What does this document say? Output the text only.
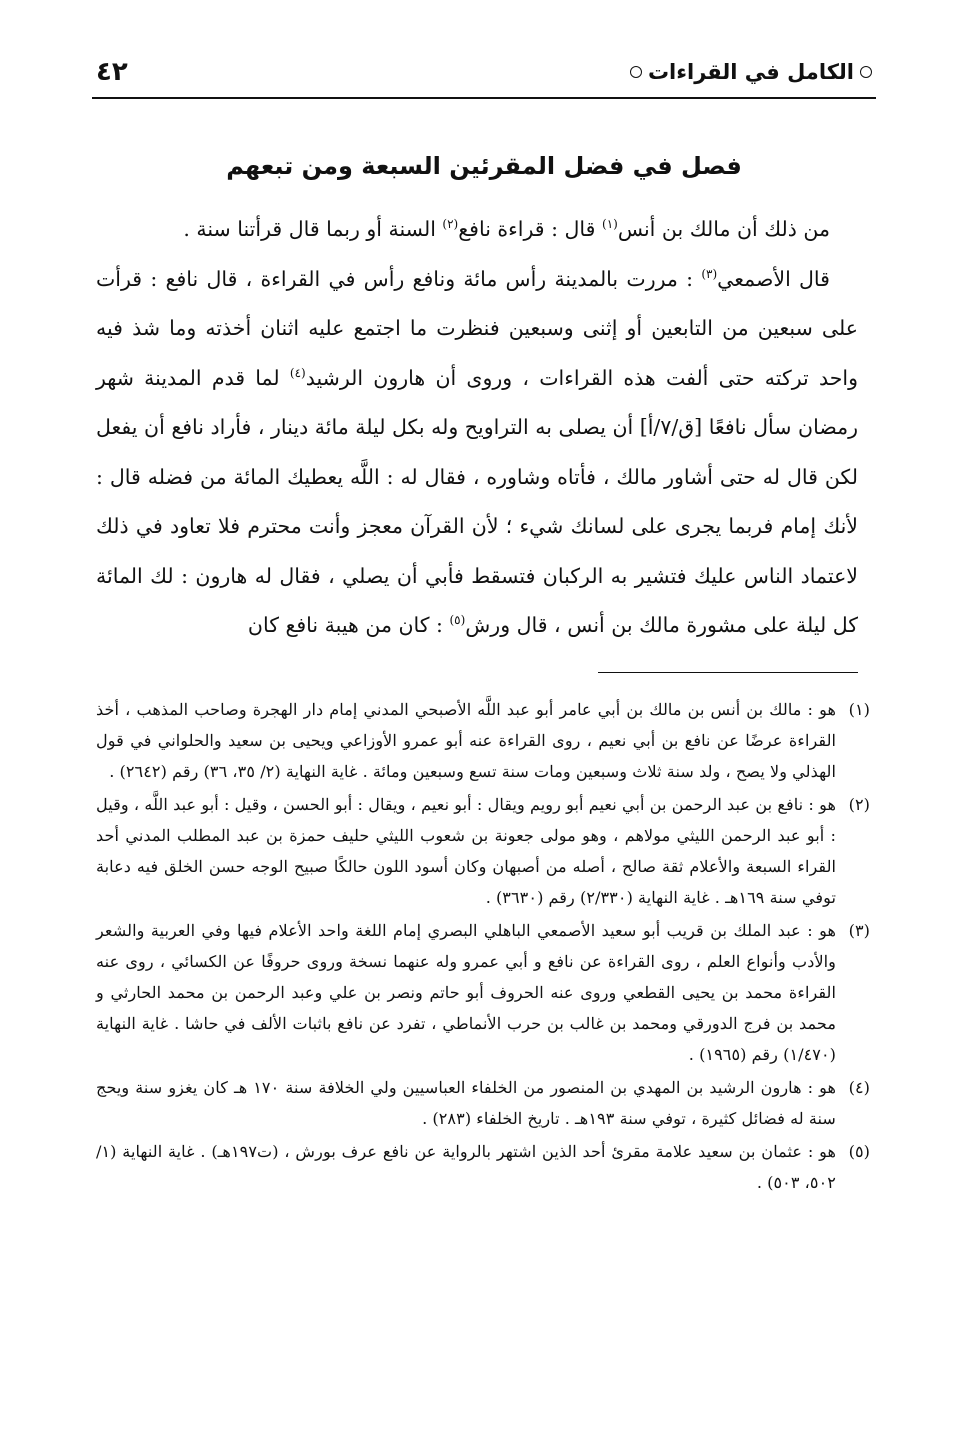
الكامل في القراءات
٤٢
فصل في فضل المقرئين السبعة ومن تبعهم

من ذلك أن مالك بن أنس$^{(١)}$ قال : قراءة نافع$^{(٢)}$ السنة أو ربما قال قرأتنا سنة .

قال الأصمعي$^{(٣)}$ : مررت بالمدينة رأس مائة ونافع رأس في القراءة ، قال نافع : قرأت على سبعين من التابعين أو إثنى وسبعين فنظرت ما اجتمع عليه اثنان أخذته وما شذ فيه واحد تركته حتى ألفت هذه القراءات ، وروى أن هارون الرشيد$^{(٤)}$ لما قدم المدينة شهر رمضان سأل نافعًا [ق/٧/أ] أن يصلى به التراويح وله بكل ليلة مائة دينار ، فأراد نافع أن يفعل لكن قال له حتى أشاور مالك ، فأتاه وشاوره ، فقال له : اللَّه يعطيك المائة من فضله قال : لأنك إمام فربما يجرى على لسانك شيء ؛ لأن القرآن معجز وأنت محترم فلا تعاود في ذلك لاعتماد الناس عليك فتشير به الركبان فتسقط فأبي أن يصلي ، فقال له هارون : لك المائة كل ليلة على مشورة مالك بن أنس ، قال ورش$^{(٥)}$ : كان من هيبة نافع كان

(١)
هو : مالك بن أنس بن مالك بن أبي عامر أبو عبد اللَّه الأصبحي المدني إمام دار الهجرة وصاحب المذهب ، أخذ القراءة عرضًا عن نافع بن أبي نعيم ، روى القراءة عنه أبو عمرو الأوزاعي ويحيى بن سعيد والحلواني في قول الهذلي ولا يصح ، ولد سنة ثلاث وسبعين ومات سنة تسع وسبعين ومائة . غاية النهاية (٢/ ٣٥، ٣٦) رقم (٢٦٤٢) .
(٢)
هو : نافع بن عبد الرحمن بن أبي نعيم أبو رويم ويقال : أبو نعيم ، ويقال : أبو الحسن ، وقيل : أبو عبد اللَّه ، وقيل : أبو عبد الرحمن الليثي مولاهم ، وهو مولى جعونة بن شعوب الليثي حليف حمزة بن عبد المطلب المدني أحد القراء السبعة والأعلام ثقة صالح ، أصله من أصبهان وكان أسود اللون حالكًا صبيح الوجه حسن الخلق فيه دعابة توفي سنة ١٦٩هـ . غاية النهاية (٢/٣٣٠) رقم (٣٦٣٠) .
(٣)
هو : عبد الملك بن قريب أبو سعيد الأصمعي الباهلي البصري إمام اللغة واحد الأعلام فيها وفي العربية والشعر والأدب وأنواع العلم ، روى القراءة عن نافع و أبي عمرو وله عنهما نسخة وروى حروفًا عن الكسائي ، روى عنه القراءة محمد بن يحيى القطعي وروى عنه الحروف أبو حاتم ونصر بن علي وعبد الرحمن بن محمد الحارثي و محمد بن فرج الدورقي ومحمد بن غالب بن حرب الأنماطي ، تفرد عن نافع باثبات الألف في حاشا . غاية النهاية (١/٤٧٠) رقم (١٩٦٥) .
(٤)
هو : هارون الرشيد بن المهدي بن المنصور من الخلفاء العباسيين ولي الخلافة سنة ١٧٠ هـ كان يغزو سنة ويحج سنة له فضائل كثيرة ، توفي سنة ١٩٣هـ . تاريخ الخلفاء (٢٨٣) .
(٥)
هو : عثمان بن سعيد علامة مقرئ أحد الذين اشتهر بالرواية عن نافع عرف بورش ، (ت١٩٧هـ) . غاية النهاية (١/ ٥٠٢، ٥٠٣) .
